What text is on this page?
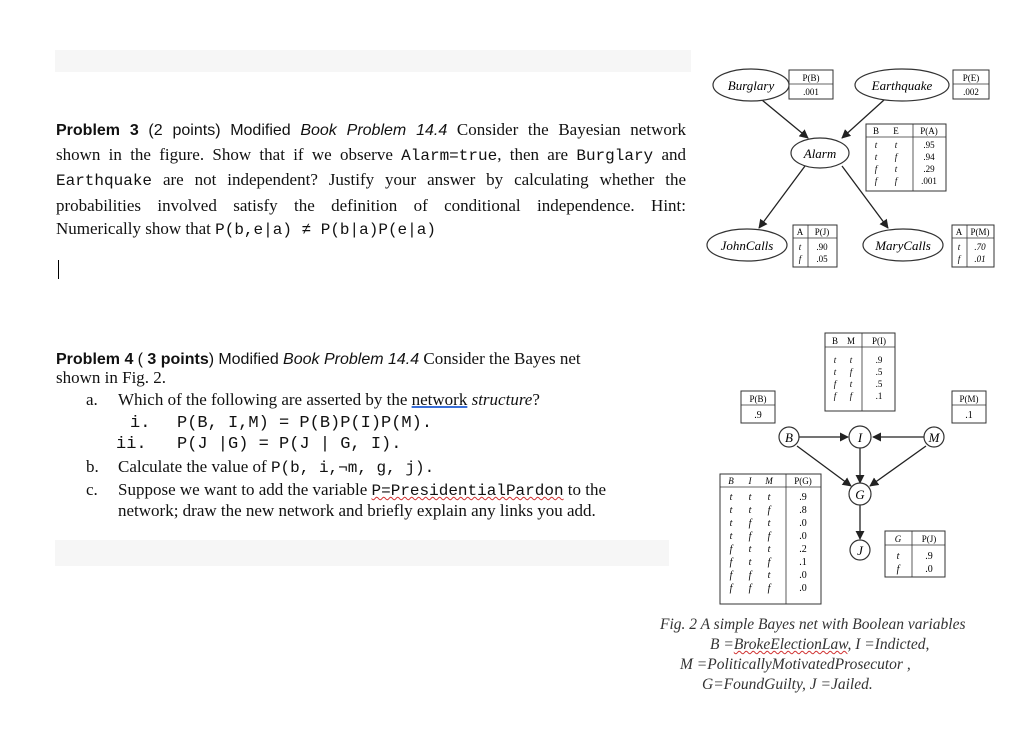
Problem 3 (2 points) Modified Book Problem 14.4 Consider the Bayesian network
shown in the figure. Show that if we observe Alarm=true, then are Burglary and
Earthquake are not independent? Justify your answer by calculating whether the
probabilities involved satisfy the definition of conditional independence. Hint:
Numerically show that P(b,e|a) ≠ P(b|a)P(e|a)
Problem 4 ( 3 points) Modified Book Problem 14.4 Consider the Bayes net
shown in Fig. 2.
a. Which of the following are asserted by the network structure?
i. P(B, I,M) = P(B)P(I)P(M).
ii. P(J |G) = P(J | G, I).
b. Calculate the value of P(b, i,¬m, g, j).
c. Suppose we want to add the variable P=PresidentialPardon to the
network; draw the new network and briefly explain any links you add.
Burglary	Earthquake
Alarm
JohnCalls	MaryCalls
P(B)
.001
P(E)
.002
B E P(A)
t t	.95
t f	.94
f t	.29
f f	.001
A P(J)
t .90
f .05
A P(M)
t .70
f .01
B	I	M
G
J
B M P(I)
t t	.9
t f	.5
f t	.5
f f	.1
P(B)
.9
P(M)
.1
B I M P(G)
t t t	.9
t t f	.8
t f t	.0
t f f	.0
f t t	.2
f t f	.1
f f t	.0
f f f	.0
G P(J)
t	.9
f	.0
Fig. 2 A simple Bayes net with Boolean variables
B =BrokeElectionLaw, I =Indicted,
M =PoliticallyMotivatedProsecutor ,
G=FoundGuilty, J =Jailed.
